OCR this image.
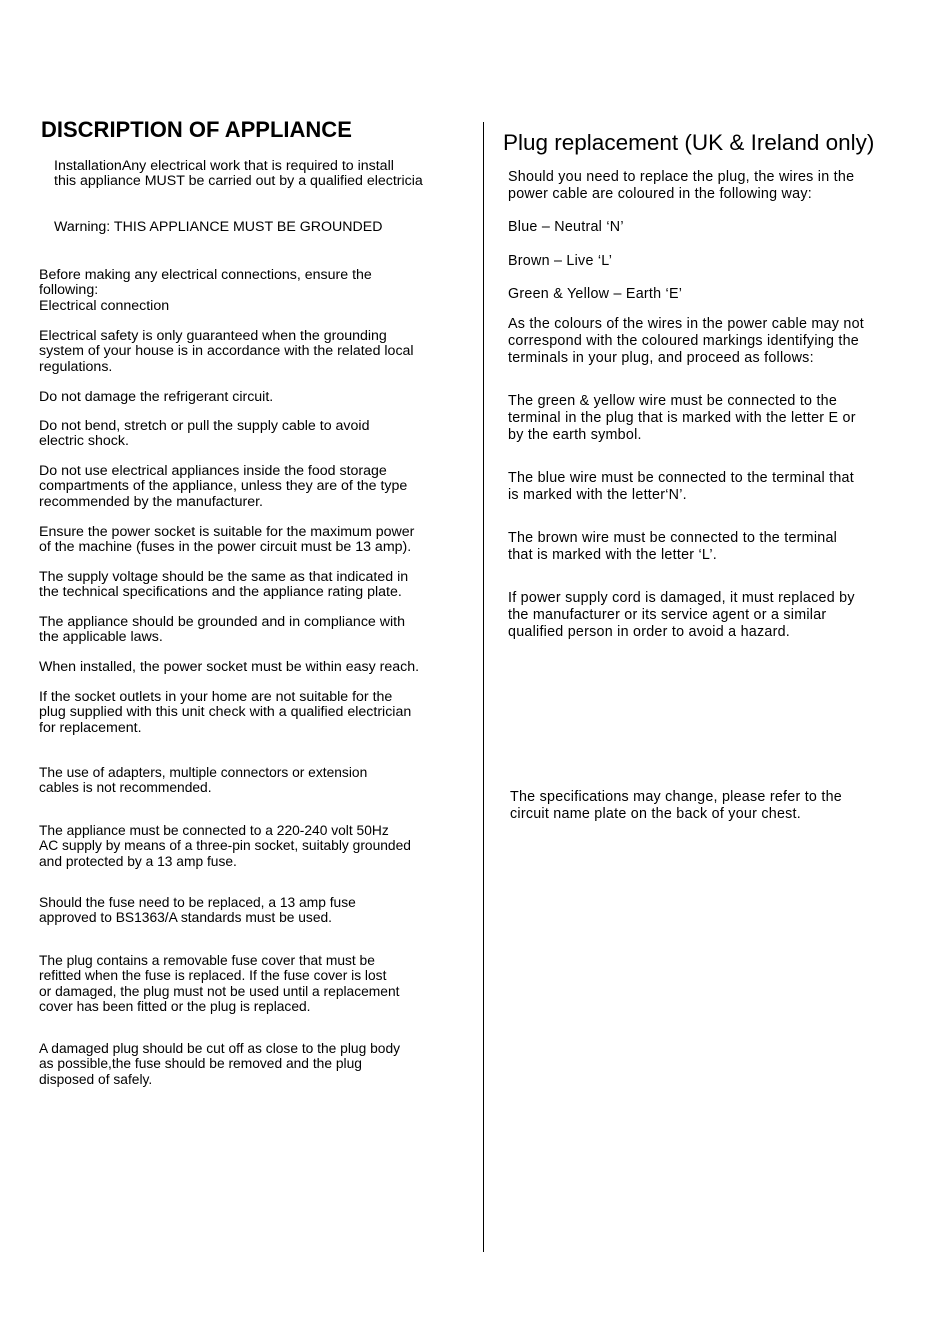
DISCRIPTION OF APPLIANCE

InstallationAny electrical work that is required to install
this appliance MUST be carried out by a qualified electricia

Warning: THIS APPLIANCE MUST BE GROUNDED

Before making any electrical connections, ensure the
following:
Electrical connection

Electrical safety is only guaranteed when the grounding
system of your house is in accordance with the related local
regulations.

Do not damage the refrigerant circuit.

Do not bend, stretch or pull the supply cable to avoid
electric shock.

Do not use electrical appliances inside the food storage
compartments of the appliance, unless they are of the type
recommended by the manufacturer.

Ensure the power socket is suitable for the maximum power
of the machine (fuses in the power circuit must be 13 amp).

The supply voltage should be the same as that indicated in
the technical specifications and the appliance rating plate.

The appliance should be grounded and in compliance with
the applicable laws.

When installed, the power socket must be within easy reach.

If the socket outlets in your home are not suitable for the
plug supplied with this unit check with a qualified electrician
for replacement.

The use of adapters, multiple connectors or extension
cables is not recommended.

The appliance must be connected to a 220-240 volt 50Hz
AC supply by means of a three-pin socket, suitably grounded
and protected by a 13 amp fuse.

Should the fuse need to be replaced, a 13 amp fuse
approved to BS1363/A standards must be used.

The plug contains a removable fuse cover that must be
refitted when the fuse is replaced. If the fuse cover is lost
or damaged, the plug must not be used until a replacement
cover has been fitted or the plug is replaced.

A damaged plug should be cut off as close to the plug body
as possible,the fuse should be removed and the plug
disposed of safely.

Plug replacement (UK & Ireland only)

Should you need to replace the plug, the wires in the
power cable are coloured in the following way:

Blue – Neutral ‘N’

Brown – Live ‘L’

Green & Yellow – Earth ‘E’

As the colours of the wires in the power cable may not
correspond with the coloured markings identifying the
terminals in your plug, and proceed as follows:

The green & yellow wire must be connected to the
terminal in the plug that is marked with the letter E or
by the earth symbol.

The blue wire must be connected to the terminal that
is marked with the letter‘N’.

The brown wire must be connected to the terminal
that is marked with the letter ‘L’.

If power supply cord is damaged, it must replaced by
the manufacturer or its service agent or a similar
qualified person in order to avoid a hazard.

The specifications may change, please refer to the
circuit name plate on the back of your chest.
